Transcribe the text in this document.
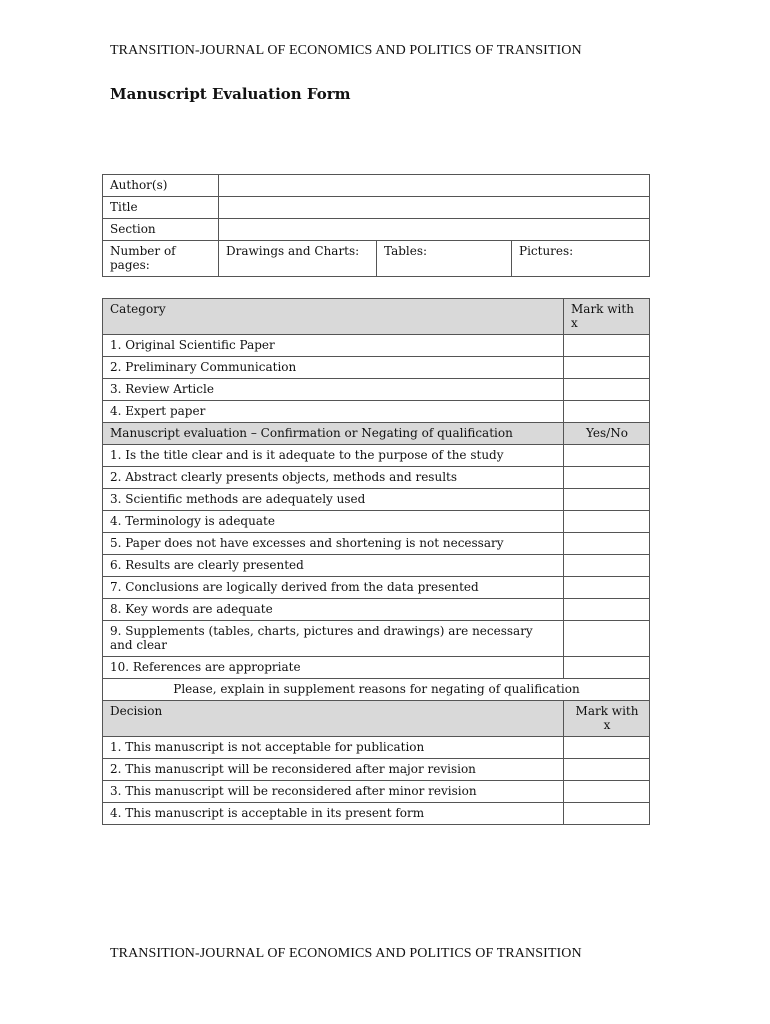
TRANSITION-JOURNAL OF ECONOMICS AND POLITICS OF TRANSITION
Manuscript Evaluation Form
Author(s)			
Title			
Section			
Number of pages:	Drawings and Charts:	Tables:	Pictures:
Category	Mark with x
1. Original Scientific Paper	
2. Preliminary Communication	
3. Review Article	
4. Expert paper	
Manuscript evaluation – Confirmation or Negating of qualification	Yes/No
1. Is the title clear and is it adequate to the purpose of the study	
2. Abstract clearly presents objects, methods and results	
3. Scientific methods are adequately used	
4. Terminology is adequate	
5. Paper does not have excesses and shortening is not necessary	
6. Results are clearly presented	
7. Conclusions are logically derived from the data presented	
8. Key words are adequate	
9. Supplements (tables, charts, pictures and drawings) are necessary and clear	
10. References are appropriate	
Please, explain in supplement reasons for negating of qualification	
Decision	Mark with x
1. This manuscript is not acceptable for publication	
2. This manuscript will be reconsidered after major revision	
3. This manuscript will be reconsidered after minor revision	
4. This manuscript is acceptable in its present form	
TRANSITION-JOURNAL OF ECONOMICS AND POLITICS OF TRANSITION
